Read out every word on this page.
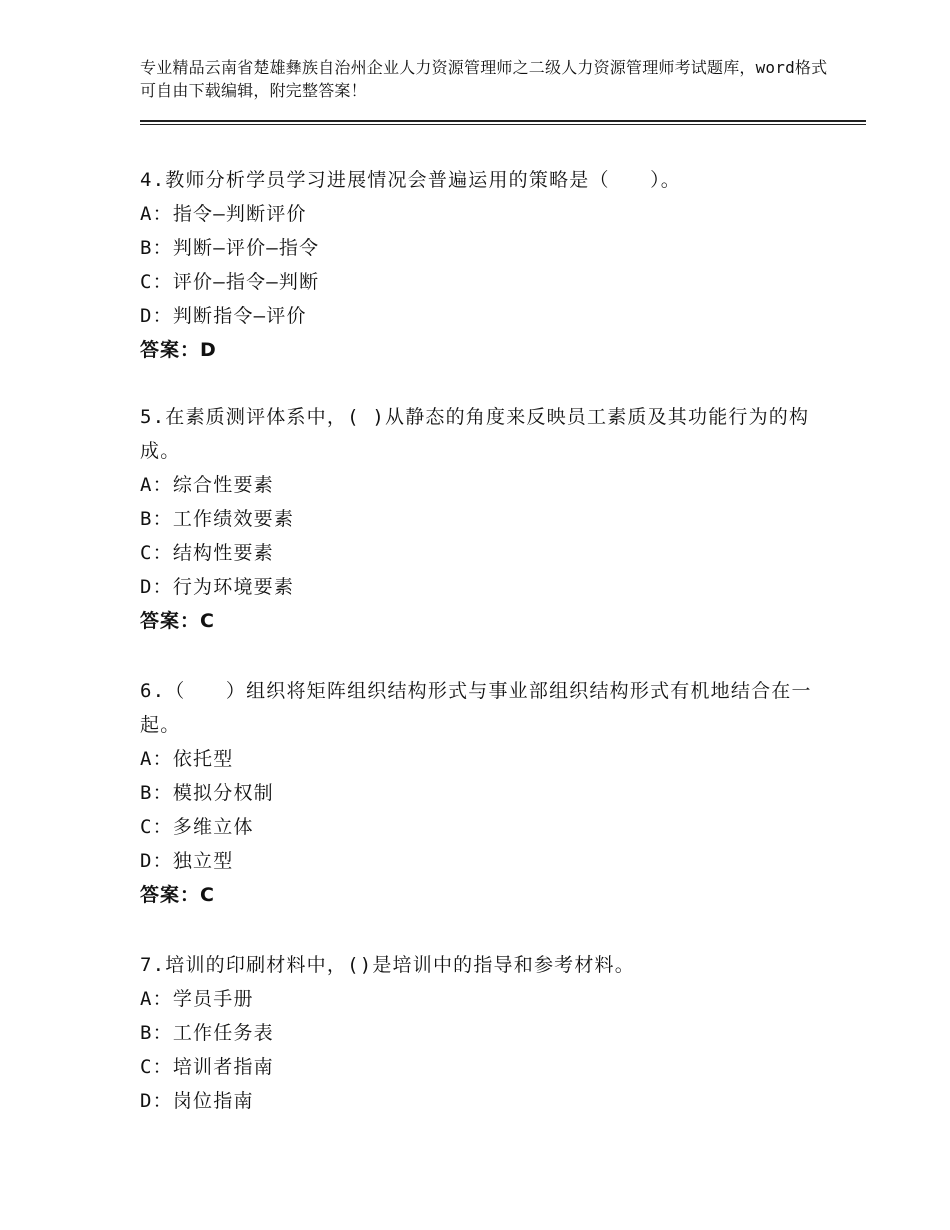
专业精品云南省楚雄彝族自治州企业人力资源管理师之二级人力资源管理师考试题库，word格式可自由下载编辑，附完整答案！

4.教师分析学员学习进展情况会普遍运用的策略是（　　）。

A：指令—判断评价

B：判断—评价—指令

C：评价—指令—判断

D：判断指令—评价

答案：D

5.在素质测评体系中，( )从静态的角度来反映员工素质及其功能行为的构成。

A：综合性要素

B：工作绩效要素

C：结构性要素

D：行为环境要素

答案：C

6.（　　）组织将矩阵组织结构形式与事业部组织结构形式有机地结合在一起。

A：依托型

B：模拟分权制

C：多维立体

D：独立型

答案：C

7.培训的印刷材料中，()是培训中的指导和参考材料。

A：学员手册

B：工作任务表

C：培训者指南

D：岗位指南
